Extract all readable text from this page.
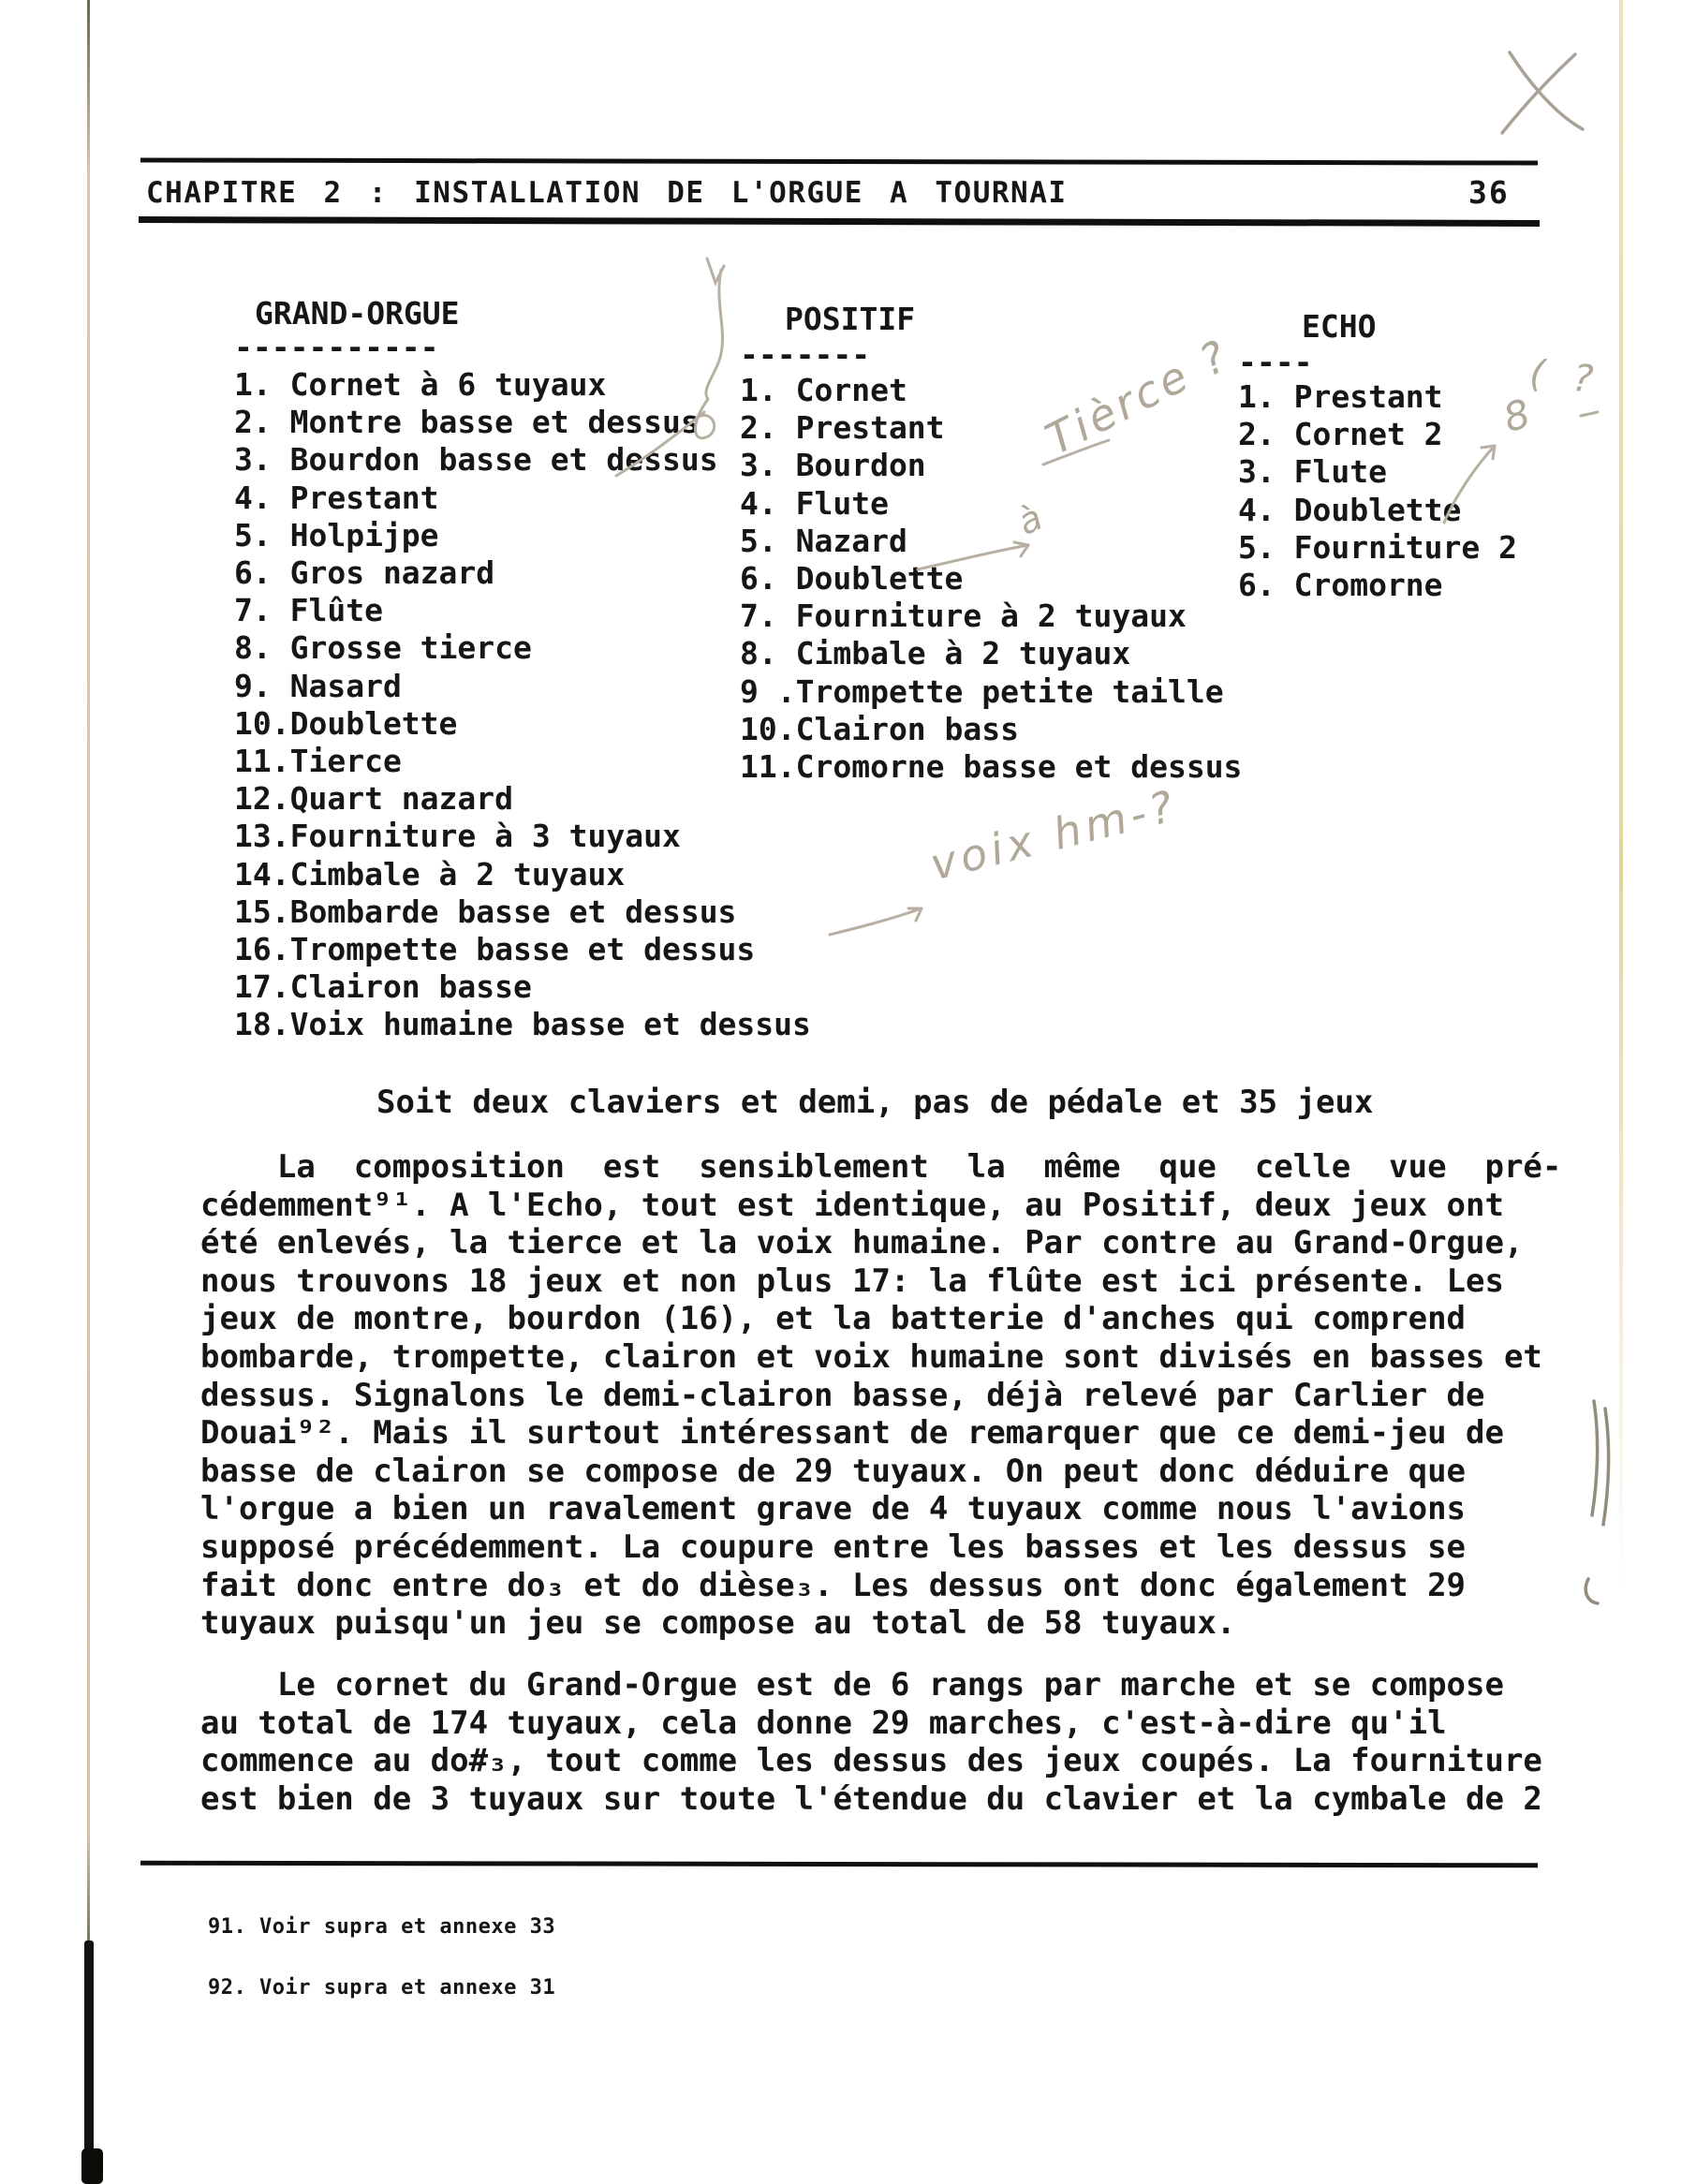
CHAPITRE 2 : INSTALLATION DE L'ORGUE A TOURNAI	36
GRAND-ORGUE
-----------
1. Cornet à 6 tuyaux
2. Montre basse et dessus
3. Bourdon basse et dessus
4. Prestant
5. Holpijpe
6. Gros nazard
7. Flûte
8. Grosse tierce
9. Nasard
10.Doublette
11.Tierce
12.Quart nazard
13.Fourniture à 3 tuyaux
14.Cimbale à 2 tuyaux
15.Bombarde basse et dessus
16.Trompette basse et dessus
17.Clairon basse
18.Voix humaine basse et dessus
POSITIF
-------
1. Cornet
2. Prestant
3. Bourdon
4. Flute
5. Nazard
6. Doublette
7. Fourniture à 2 tuyaux
8. Cimbale à 2 tuyaux
9 .Trompette petite taille
10.Clairon bass
11.Cromorne basse et dessus
ECHO
----
1. Prestant
2. Cornet 2
3. Flute
4. Doublette
5. Fourniture 2
6. Cromorne
Soit deux claviers et demi, pas de pédale et 35 jeux
La  composition  est  sensiblement  la  même  que  celle  vue  pré-
cédemment⁹¹. A l'Echo, tout est identique, au Positif, deux jeux ont
été enlevés, la tierce et la voix humaine. Par contre au Grand-Orgue,
nous trouvons 18 jeux et non plus 17: la flûte est ici présente. Les
jeux de montre, bourdon (16), et la batterie d'anches qui comprend
bombarde, trompette, clairon et voix humaine sont divisés en basses et
dessus. Signalons le demi-clairon basse, déjà relevé par Carlier de
Douai⁹². Mais il surtout intéressant de remarquer que ce demi-jeu de
basse de clairon se compose de 29 tuyaux. On peut donc déduire que
l'orgue a bien un ravalement grave de 4 tuyaux comme nous l'avions
supposé précédemment. La coupure entre les basses et les dessus se
fait donc entre do₃ et do dièse₃. Les dessus ont donc également 29
tuyaux puisqu'un jeu se compose au total de 58 tuyaux.
Le cornet du Grand-Orgue est de 6 rangs par marche et se compose
au total de 174 tuyaux, cela donne 29 marches, c'est-à-dire qu'il
commence au do#₃, tout comme les dessus des jeux coupés. La fourniture
est bien de 3 tuyaux sur toute l'étendue du clavier et la cymbale de 2
91. Voir supra et annexe 33
92. Voir supra et annexe 31
à
Tièrce ?	8
( ?
voix hm-?
